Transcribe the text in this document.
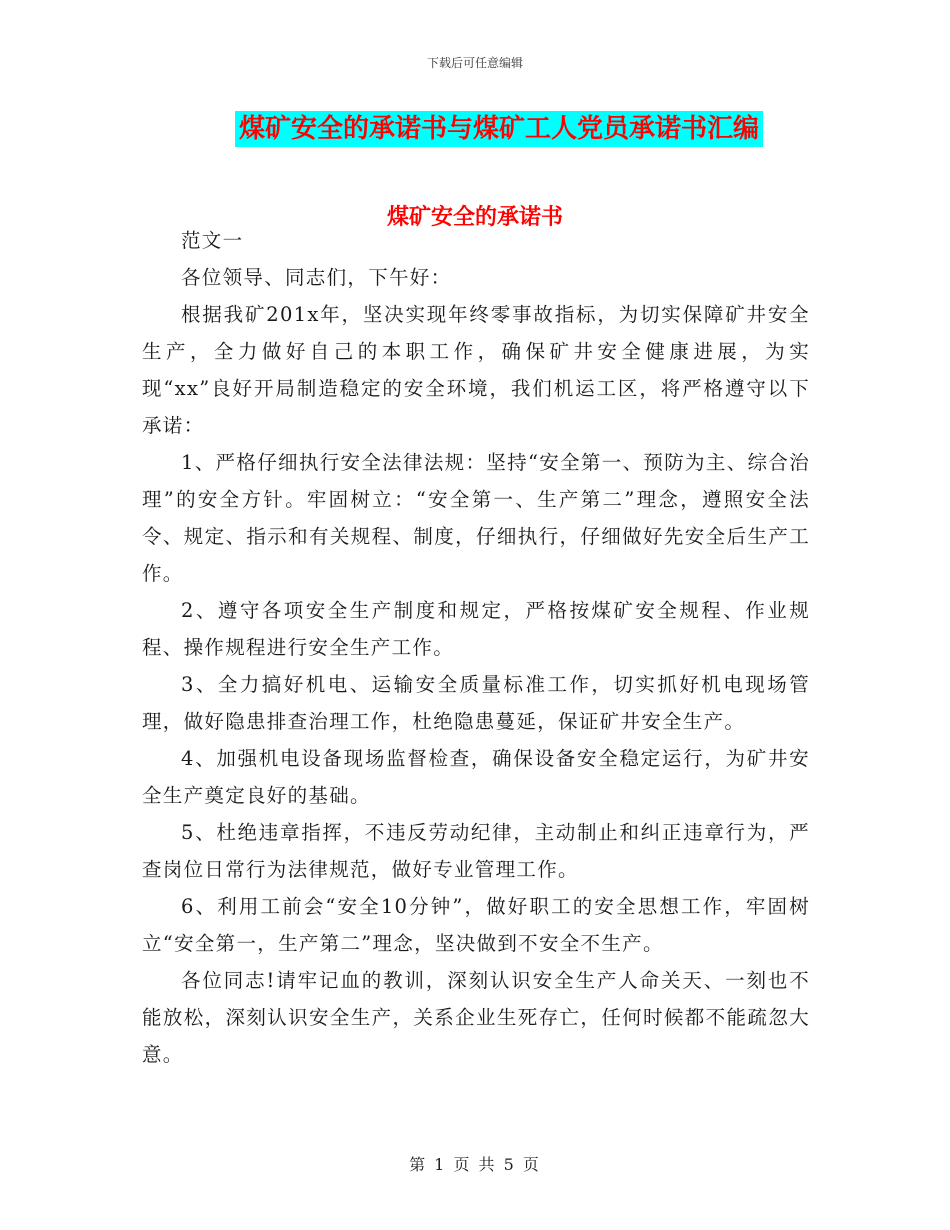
下载后可任意编辑
煤矿安全的承诺书与煤矿工人党员承诺书汇编
煤矿安全的承诺书

范文一

各位领导、同志们，下午好：

根据我矿201x年，坚决实现年终零事故指标，为切实保障矿井安全生产，全力做好自己的本职工作，确保矿井安全健康进展，为实现“xx”良好开局制造稳定的安全环境，我们机运工区，将严格遵守以下承诺：

1、严格仔细执行安全法律法规：坚持“安全第一、预防为主、综合治理”的安全方针。牢固树立：“安全第一、生产第二”理念，遵照安全法令、规定、指示和有关规程、制度，仔细执行，仔细做好先安全后生产工作。

2、遵守各项安全生产制度和规定，严格按煤矿安全规程、作业规程、操作规程进行安全生产工作。

3、全力搞好机电、运输安全质量标准工作，切实抓好机电现场管理，做好隐患排查治理工作，杜绝隐患蔓延，保证矿井安全生产。

4、加强机电设备现场监督检查，确保设备安全稳定运行，为矿井安全生产奠定良好的基础。

5、杜绝违章指挥，不违反劳动纪律，主动制止和纠正违章行为，严查岗位日常行为法律规范，做好专业管理工作。

6、利用工前会“安全10分钟”，做好职工的安全思想工作，牢固树立“安全第一，生产第二”理念，坚决做到不安全不生产。

各位同志!请牢记血的教训，深刻认识安全生产人命关天、一刻也不能放松，深刻认识安全生产，关系企业生死存亡，任何时候都不能疏忽大意。

第 1 页 共 5 页
